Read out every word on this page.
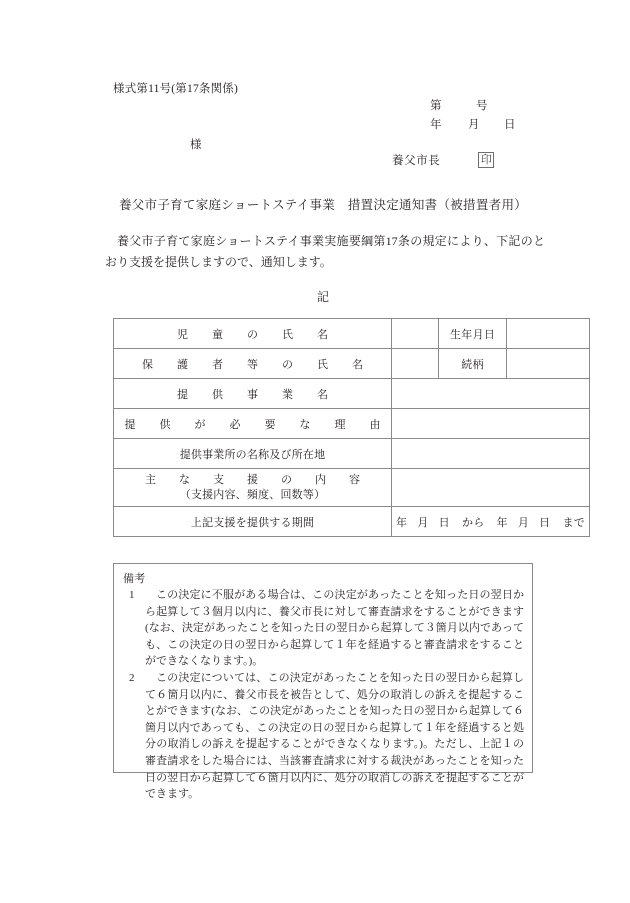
様式第11号(第17条関係)
第	号
年	月	日
様
養父市長	印
養父市子育て家庭ショートステイ事業　措置決定通知書（被措置者用）
養父市子育て家庭ショートステイ事業実施要綱第17条の規定により、下記のとおり支援を提供しますので、通知します。
記
児　童　の　氏　名		生年月日	
保　護　者　等　の　氏　名		続柄	
提　供　事　業　名			
提　供　が　必　要　な　理　由			
提供事業所の名称及び所在地			

主　な　支　援　の　内　容
（支援内容、頻度、回数等）			

上記支援を提供する期間	年 月 日 から 年 月 日 まで		
備考
1	この決定に不服がある場合は、この決定があったことを知った日の翌日から起算して３個月以内に、養父市長に対して審査請求をすることができます(なお、決定があったことを知った日の翌日から起算して３箇月以内であっても、この決定の日の翌日から起算して１年を経過すると審査請求をすることができなくなります。)。
2	この決定については、この決定があったことを知った日の翌日から起算して６箇月以内に、養父市長を被告として、処分の取消しの訴えを提起することができます(なお、この決定があったことを知った日の翌日から起算して６箇月以内であっても、この決定の日の翌日から起算して１年を経過すると処分の取消しの訴えを提起することができなくなります。)。ただし、上記１の審査請求をした場合には、当該審査請求に対する裁決があったことを知った日の翌日から起算して６箇月以内に、処分の取消しの訴えを提起することができます。
